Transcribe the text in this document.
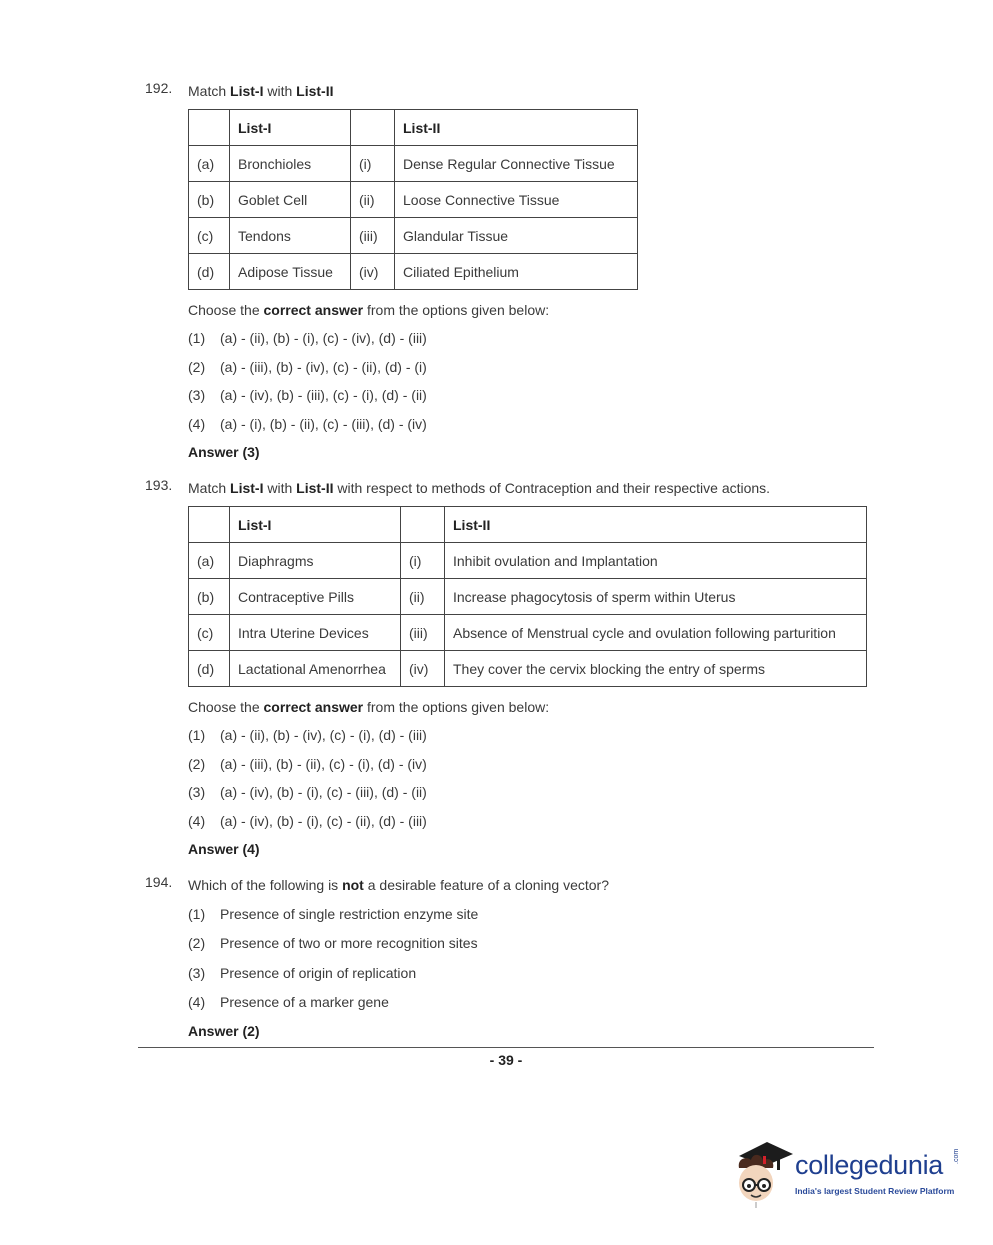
192. Match List-I with List-II
	List-I		List-II
(a)	Bronchioles	(i)	Dense Regular Connective Tissue
(b)	Goblet Cell	(ii)	Loose Connective Tissue
(c)	Tendons	(iii)	Glandular Tissue
(d)	Adipose Tissue	(iv)	Ciliated Epithelium
Choose the correct answer from the options given below:
(1) (a) - (ii), (b) - (i), (c) - (iv), (d) - (iii)
(2) (a) - (iii), (b) - (iv), (c) - (ii), (d) - (i)
(3) (a) - (iv), (b) - (iii), (c) - (i), (d) - (ii)
(4) (a) - (i), (b) - (ii), (c) - (iii), (d) - (iv)
Answer (3)
193. Match List-I with List-II with respect to methods of Contraception and their respective actions.
	List-I		List-II
(a)	Diaphragms	(i)	Inhibit ovulation and Implantation
(b)	Contraceptive Pills	(ii)	Increase phagocytosis of sperm within Uterus
(c)	Intra Uterine Devices	(iii)	Absence of Menstrual cycle and ovulation following parturition
(d)	Lactational Amenorrhea	(iv)	They cover the cervix blocking the entry of sperms
Choose the correct answer from the options given below:
(1) (a) - (ii), (b) - (iv), (c) - (i), (d) - (iii)
(2) (a) - (iii), (b) - (ii), (c) - (i), (d) - (iv)
(3) (a) - (iv), (b) - (i), (c) - (iii), (d) - (ii)
(4) (a) - (iv), (b) - (i), (c) - (ii), (d) - (iii)
Answer (4)
194. Which of the following is not a desirable feature of a cloning vector?
(1) Presence of single restriction enzyme site
(2) Presence of two or more recognition sites
(3) Presence of origin of replication
(4) Presence of a marker gene
Answer (2)
- 39 -
collegedunia .com
India's largest Student Review Platform
